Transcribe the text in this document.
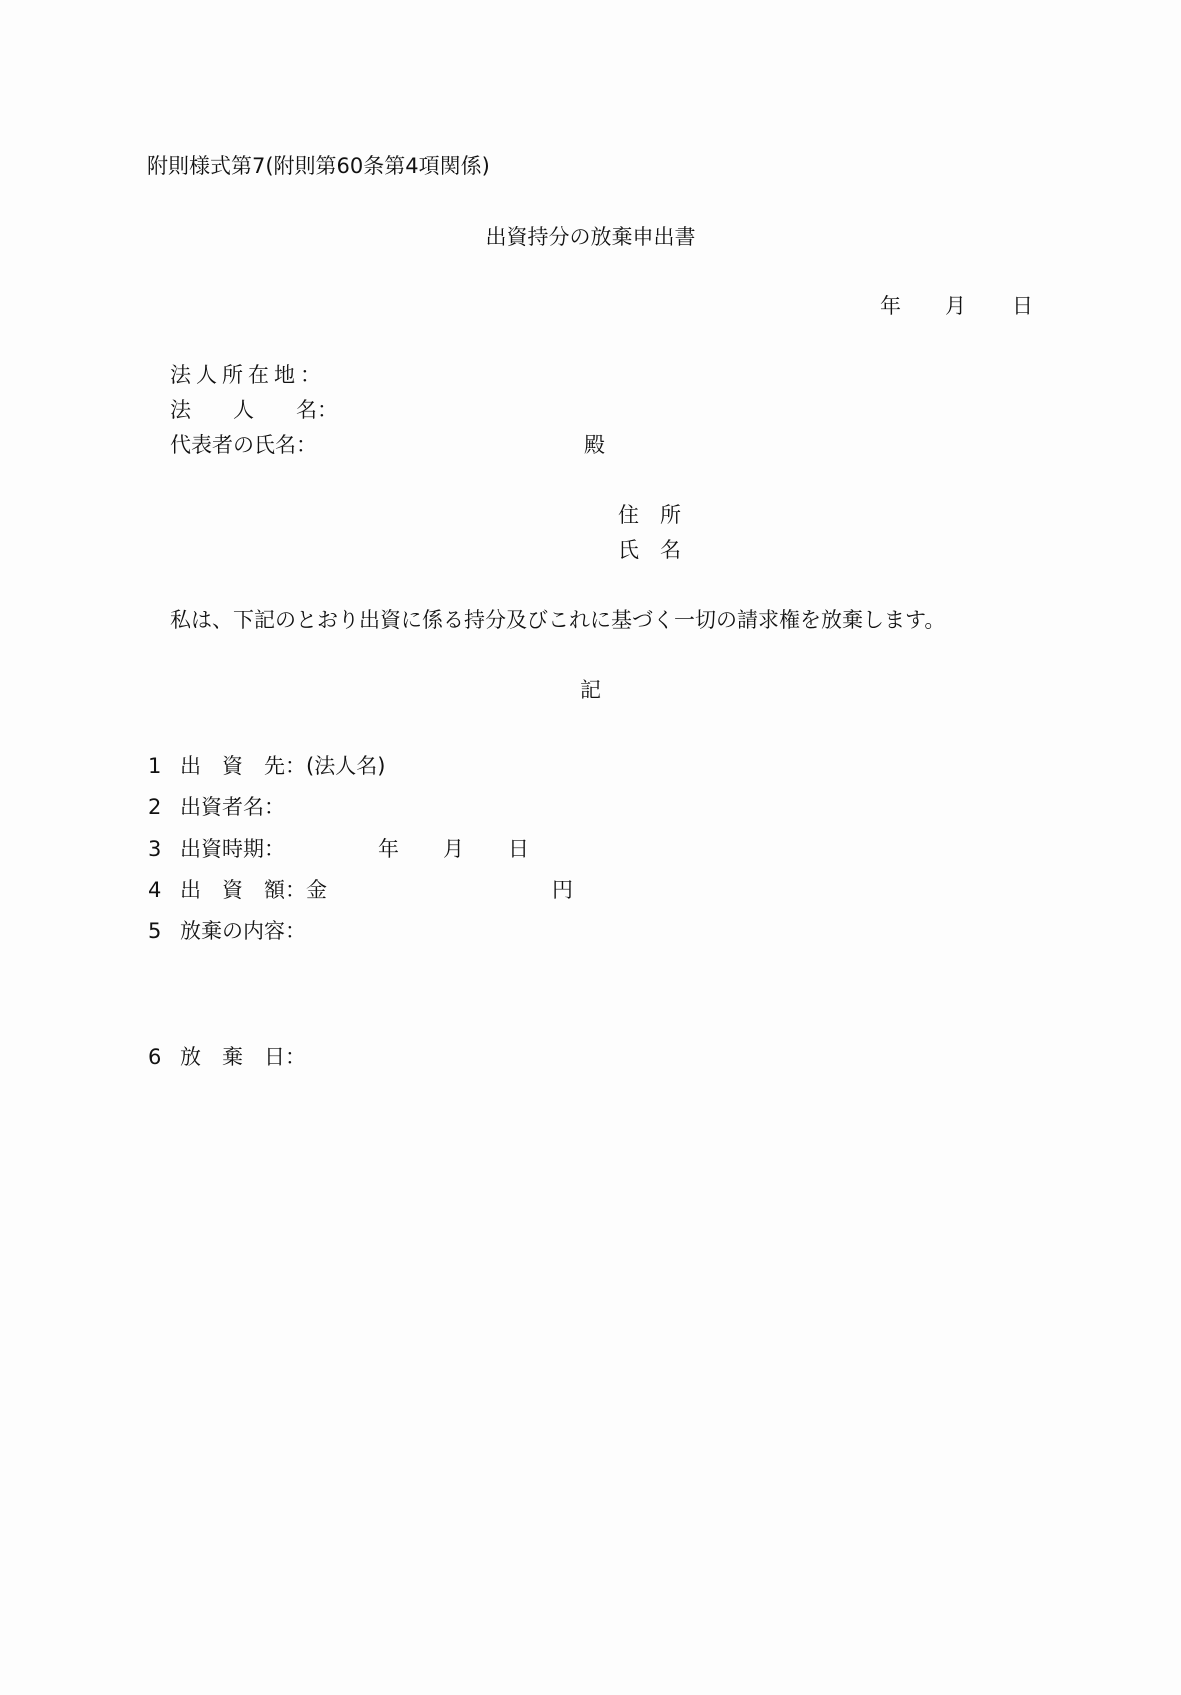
附則様式第7(附則第60条第4項関係)
出資持分の放棄申出書
年 月 日
法人所在地：
法　　人　　名：
代表者の氏名：	殿
住　所
氏　名
私は、下記のとおり出資に係る持分及びこれに基づく一切の請求権を放棄します。
記
1 出　資　先：(法人名)
2 出資者名：
3 出資時期：	年 月 日
4 出　資　額：金	円
5 放棄の内容：
6 放　棄　日：
